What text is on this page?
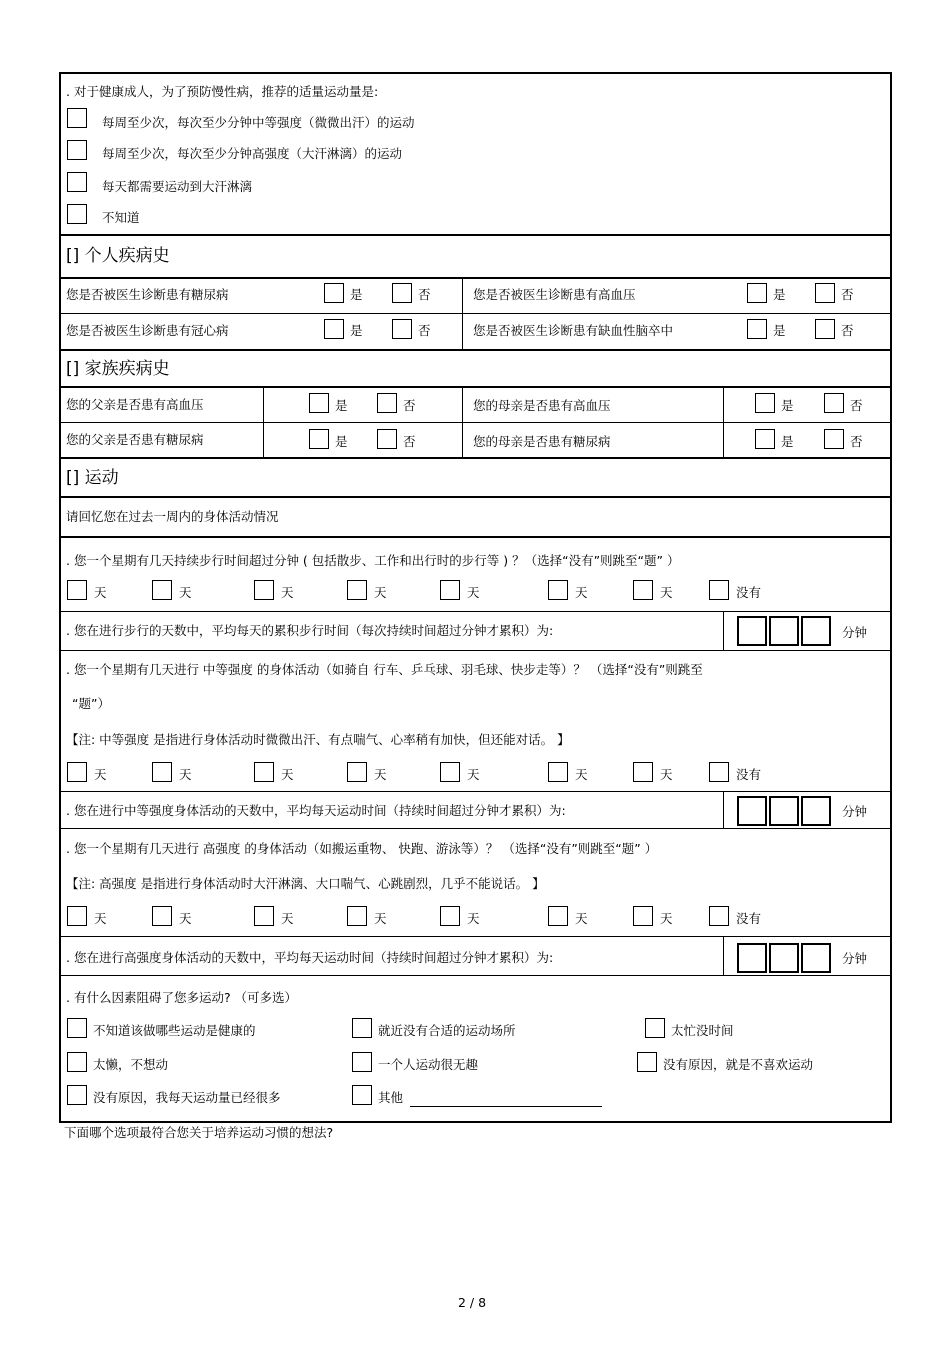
. 对于健康成人，为了预防慢性病，推荐的适量运动量是:
每周至少次，每次至少分钟中等强度（微微出汗）的运动
每周至少次，每次至少分钟高强度（大汗淋漓）的运动
每天都需要运动到大汗淋漓
不知道
[] 个人疾病史
您是否被医生诊断患有糖尿病	是	否	您是否被医生诊断患有高血压	是	否
您是否被医生诊断患有冠心病	是	否	您是否被医生诊断患有缺血性脑卒中	是	否
[] 家族疾病史
您的父亲是否患有高血压	是	否	您的母亲是否患有高血压	是	否
您的父亲是否患有糖尿病	是	否	您的母亲是否患有糖尿病	是	否
[] 运动
请回忆您在过去一周内的身体活动情况
. 您一个星期有几天持续步行时间超过分钟 ( 包括散步、工作和出行时的步行等 ) ？（选择“没有”则跳至“题” ）
天	天	天	天	天	天	天	没有
. 您在进行步行的天数中，平均每天的累积步行时间（每次持续时间超过分钟才累积）为:	分钟
. 您一个星期有几天进行 中等强度 的身体活动（如骑自 行车、乒乓球、羽毛球、快步走等）？ （选择“没有”则跳至
“题”）
【注: 中等强度 是指进行身体活动时微微出汗、有点喘气、心率稍有加快，但还能对话。 】
天	天	天	天	天	天	天	没有
. 您在进行中等强度身体活动的天数中，平均每天运动时间（持续时间超过分钟才累积）为:	分钟
. 您一个星期有几天进行 高强度 的身体活动（如搬运重物、 快跑、游泳等）？ （选择“没有”则跳至“题” ）
【注: 高强度 是指进行身体活动时大汗淋漓、大口喘气、心跳剧烈，几乎不能说话。 】
天	天	天	天	天	天	天	没有
. 您在进行高强度身体活动的天数中，平均每天运动时间（持续时间超过分钟才累积）为:	分钟
. 有什么因素阻碍了您多运动? （可多选）
不知道该做哪些运动是健康的	就近没有合适的运动场所	太忙没时间
太懒，不想动	一个人运动很无趣	没有原因，就是不喜欢运动
没有原因，我每天运动量已经很多	其他
下面哪个选项最符合您关于培养运动习惯的想法?
2 / 8
